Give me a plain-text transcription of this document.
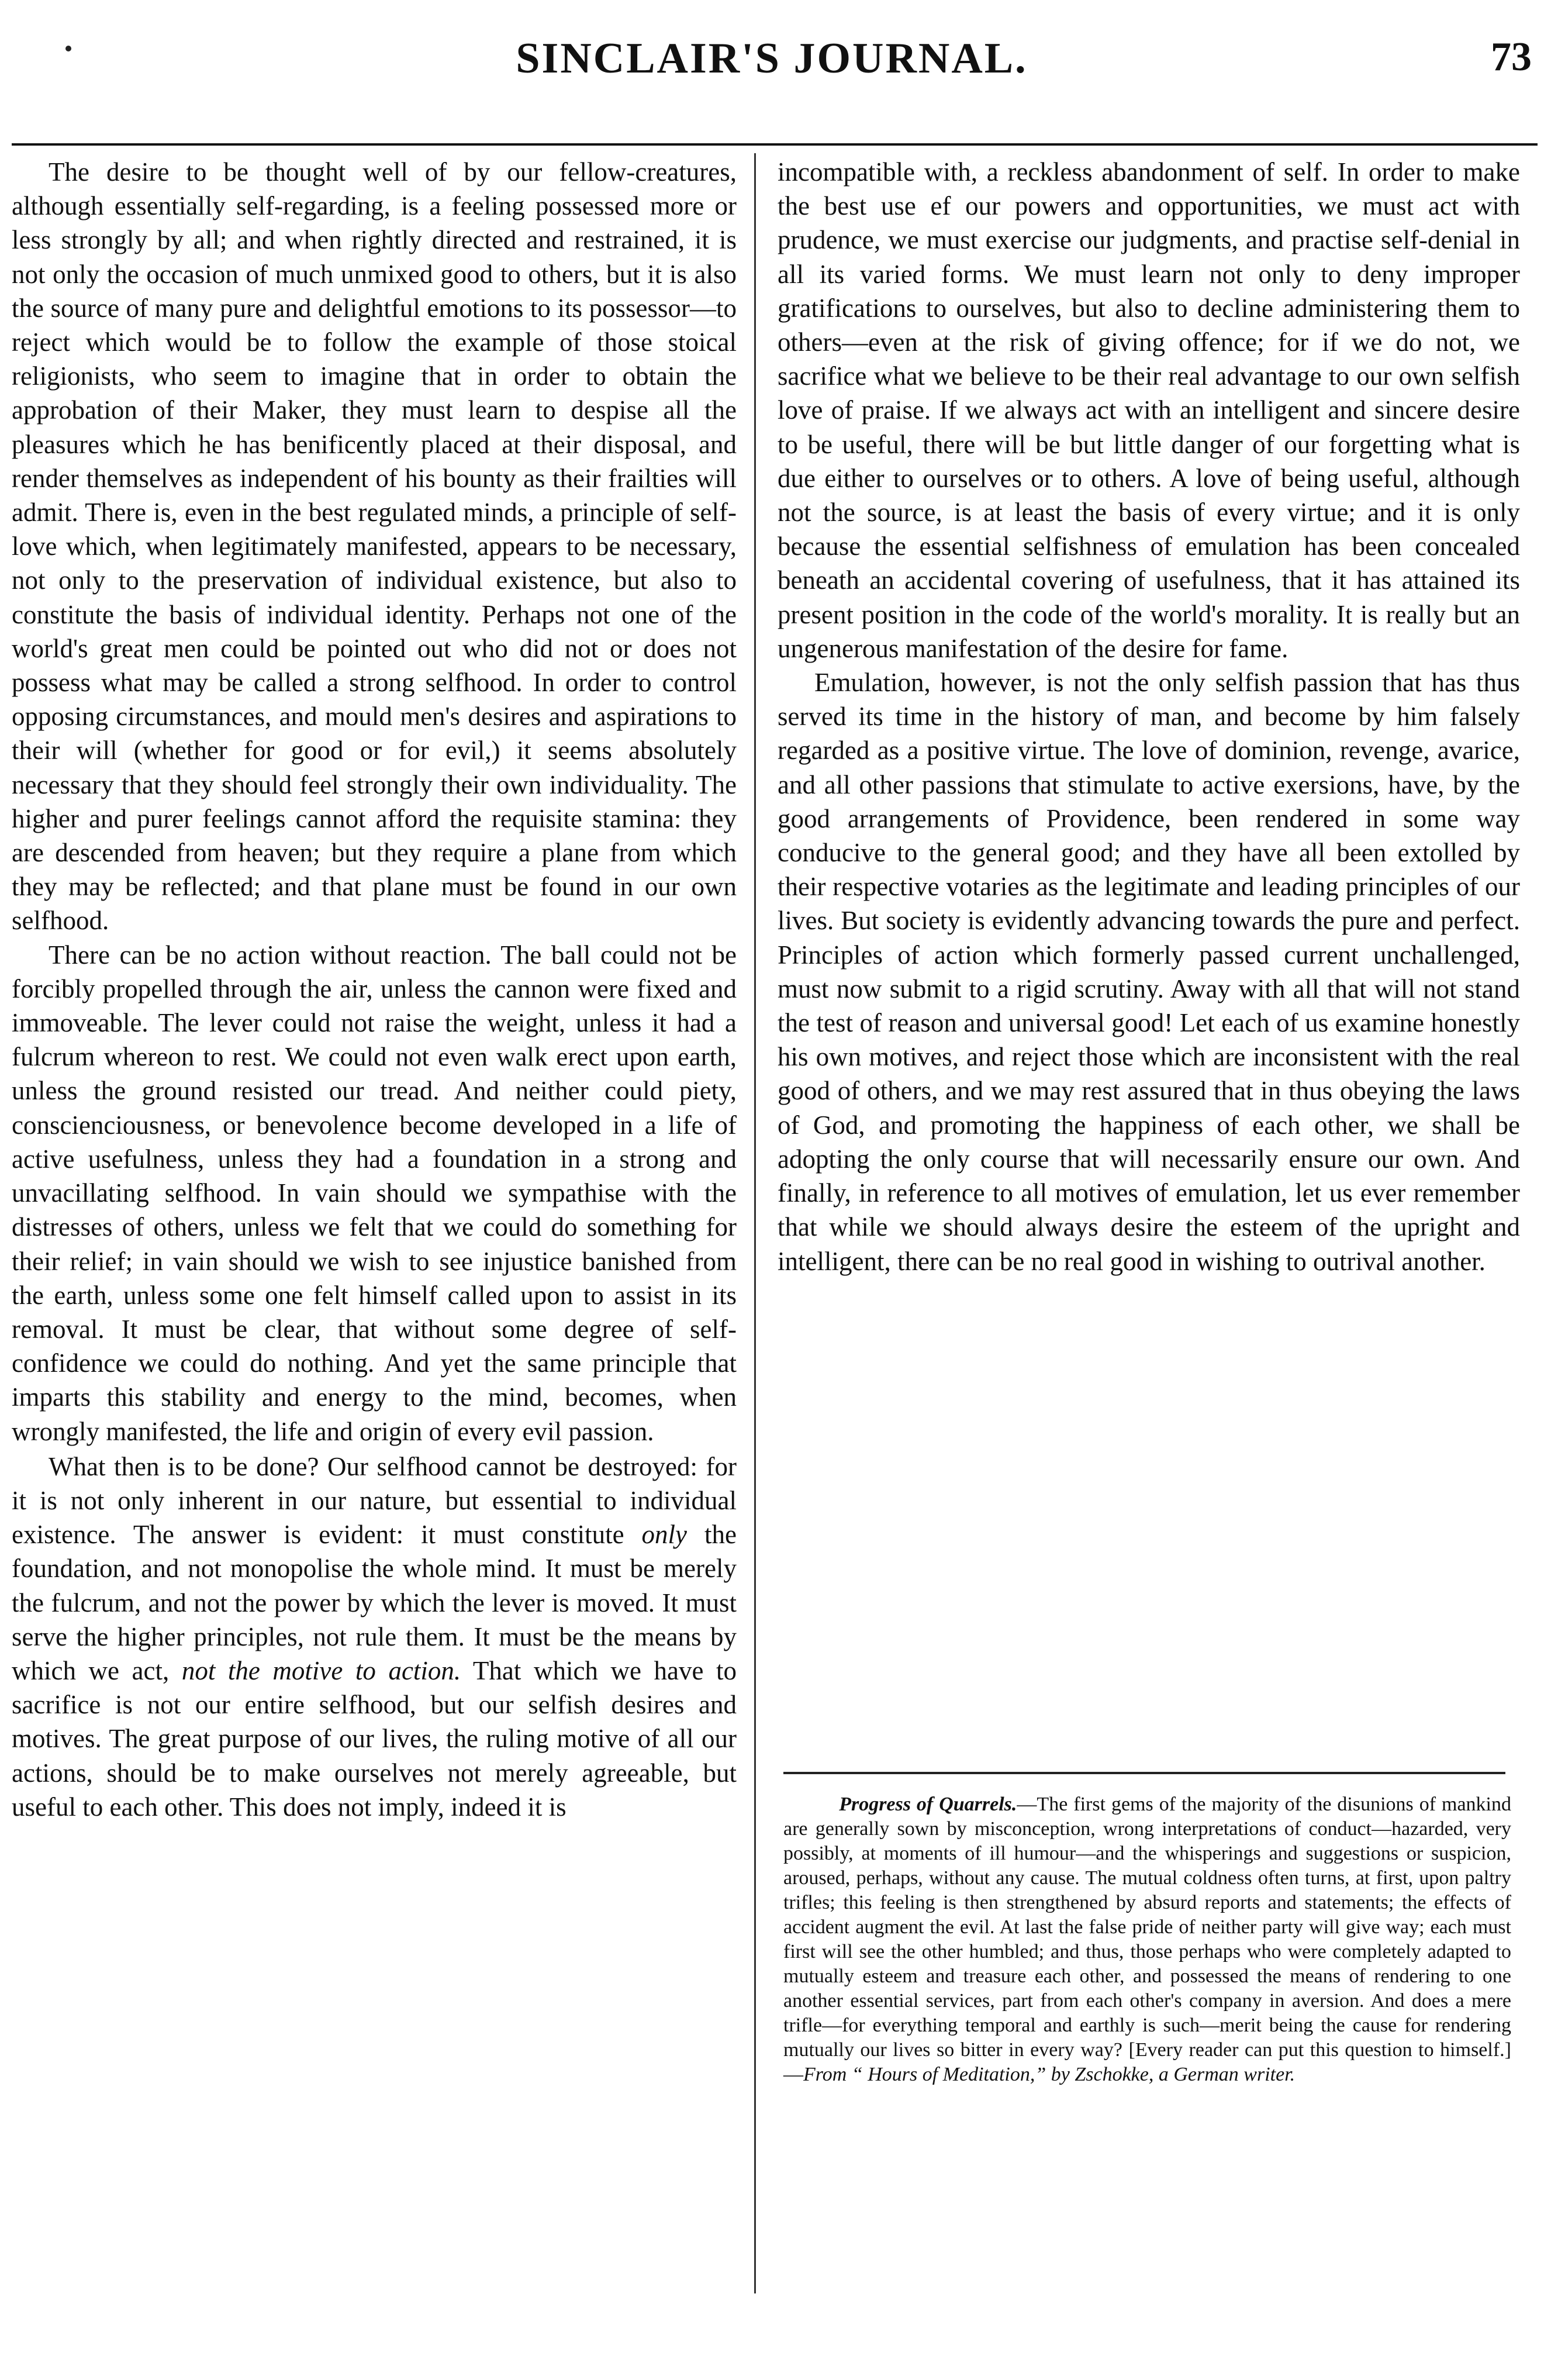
SINCLAIR'S JOURNAL.	73

The desire to be thought well of by our fellow-creatures, although essentially self-regarding, is a feeling possessed more or less strongly by all; and when rightly directed and restrained, it is not only the occasion of much unmixed good to others, but it is also the source of many pure and delightful emotions to its possessor—to reject which would be to follow the example of those stoical religionists, who seem to imagine that in order to obtain the approbation of their Maker, they must learn to despise all the pleasures which he has benificently placed at their disposal, and render themselves as independent of his bounty as their frailties will admit. There is, even in the best regulated minds, a principle of self-love which, when legitimately manifested, appears to be necessary, not only to the preservation of individual existence, but also to constitute the basis of individual identity. Perhaps not one of the world's great men could be pointed out who did not or does not possess what may be called a strong selfhood. In order to control opposing circumstances, and mould men's desires and aspirations to their will (whether for good or for evil,) it seems absolutely necessary that they should feel strongly their own individuality. The higher and purer feelings cannot afford the requisite stamina: they are descended from heaven; but they require a plane from which they may be reflected; and that plane must be found in our own selfhood.

There can be no action without reaction. The ball could not be forcibly propelled through the air, unless the cannon were fixed and immoveable. The lever could not raise the weight, unless it had a fulcrum whereon to rest. We could not even walk erect upon earth, unless the ground resisted our tread. And neither could piety, conscienciousness, or benevolence become developed in a life of active usefulness, unless they had a foundation in a strong and unvacillating selfhood. In vain should we sympathise with the distresses of others, unless we felt that we could do something for their relief; in vain should we wish to see injustice banished from the earth, unless some one felt himself called upon to assist in its removal. It must be clear, that without some degree of self-confidence we could do nothing. And yet the same principle that imparts this stability and energy to the mind, becomes, when wrongly manifested, the life and origin of every evil passion.

What then is to be done? Our selfhood cannot be destroyed: for it is not only inherent in our nature, but essential to individual existence. The answer is evident: it must constitute only the foundation, and not monopolise the whole mind. It must be merely the fulcrum, and not the power by which the lever is moved. It must serve the higher principles, not rule them. It must be the means by which we act, not the motive to action. That which we have to sacrifice is not our entire selfhood, but our selfish desires and motives. The great purpose of our lives, the ruling motive of all our actions, should be to make ourselves not merely agreeable, but useful to each other. This does not imply, indeed it is

incompatible with, a reckless abandonment of self. In order to make the best use ef our powers and opportunities, we must act with prudence, we must exercise our judgments, and practise self-denial in all its varied forms. We must learn not only to deny improper gratifications to ourselves, but also to decline administering them to others—even at the risk of giving offence; for if we do not, we sacrifice what we believe to be their real advantage to our own selfish love of praise. If we always act with an intelligent and sincere desire to be useful, there will be but little danger of our forgetting what is due either to ourselves or to others. A love of being useful, although not the source, is at least the basis of every virtue; and it is only because the essential selfishness of emulation has been concealed beneath an accidental covering of usefulness, that it has attained its present position in the code of the world's morality. It is really but an ungenerous manifestation of the desire for fame.

Emulation, however, is not the only selfish passion that has thus served its time in the history of man, and become by him falsely regarded as a positive virtue. The love of dominion, revenge, avarice, and all other passions that stimulate to active exersions, have, by the good arrangements of Providence, been rendered in some way conducive to the general good; and they have all been extolled by their respective votaries as the legitimate and leading principles of our lives. But society is evidently advancing towards the pure and perfect. Principles of action which formerly passed current unchallenged, must now submit to a rigid scrutiny. Away with all that will not stand the test of reason and universal good! Let each of us examine honestly his own motives, and reject those which are inconsistent with the real good of others, and we may rest assured that in thus obeying the laws of God, and promoting the happiness of each other, we shall be adopting the only course that will necessarily ensure our own. And finally, in reference to all motives of emulation, let us ever remember that while we should always desire the esteem of the upright and intelligent, there can be no real good in wishing to outrival another.

Progress of Quarrels.—The first gems of the majority of the disunions of mankind are generally sown by misconception, wrong interpretations of conduct—hazarded, very possibly, at moments of ill humour—and the whisperings and suggestions or suspicion, aroused, perhaps, without any cause. The mutual coldness often turns, at first, upon paltry trifles; this feeling is then strengthened by absurd reports and statements; the effects of accident augment the evil. At last the false pride of neither party will give way; each must first will see the other humbled; and thus, those perhaps who were completely adapted to mutually esteem and treasure each other, and possessed the means of rendering to one another essential services, part from each other's company in aversion. And does a mere trifle—for everything temporal and earthly is such—merit being the cause for rendering mutually our lives so bitter in every way? [Every reader can put this question to himself.]—From “ Hours of Meditation,” by Zschokke, a German writer.
